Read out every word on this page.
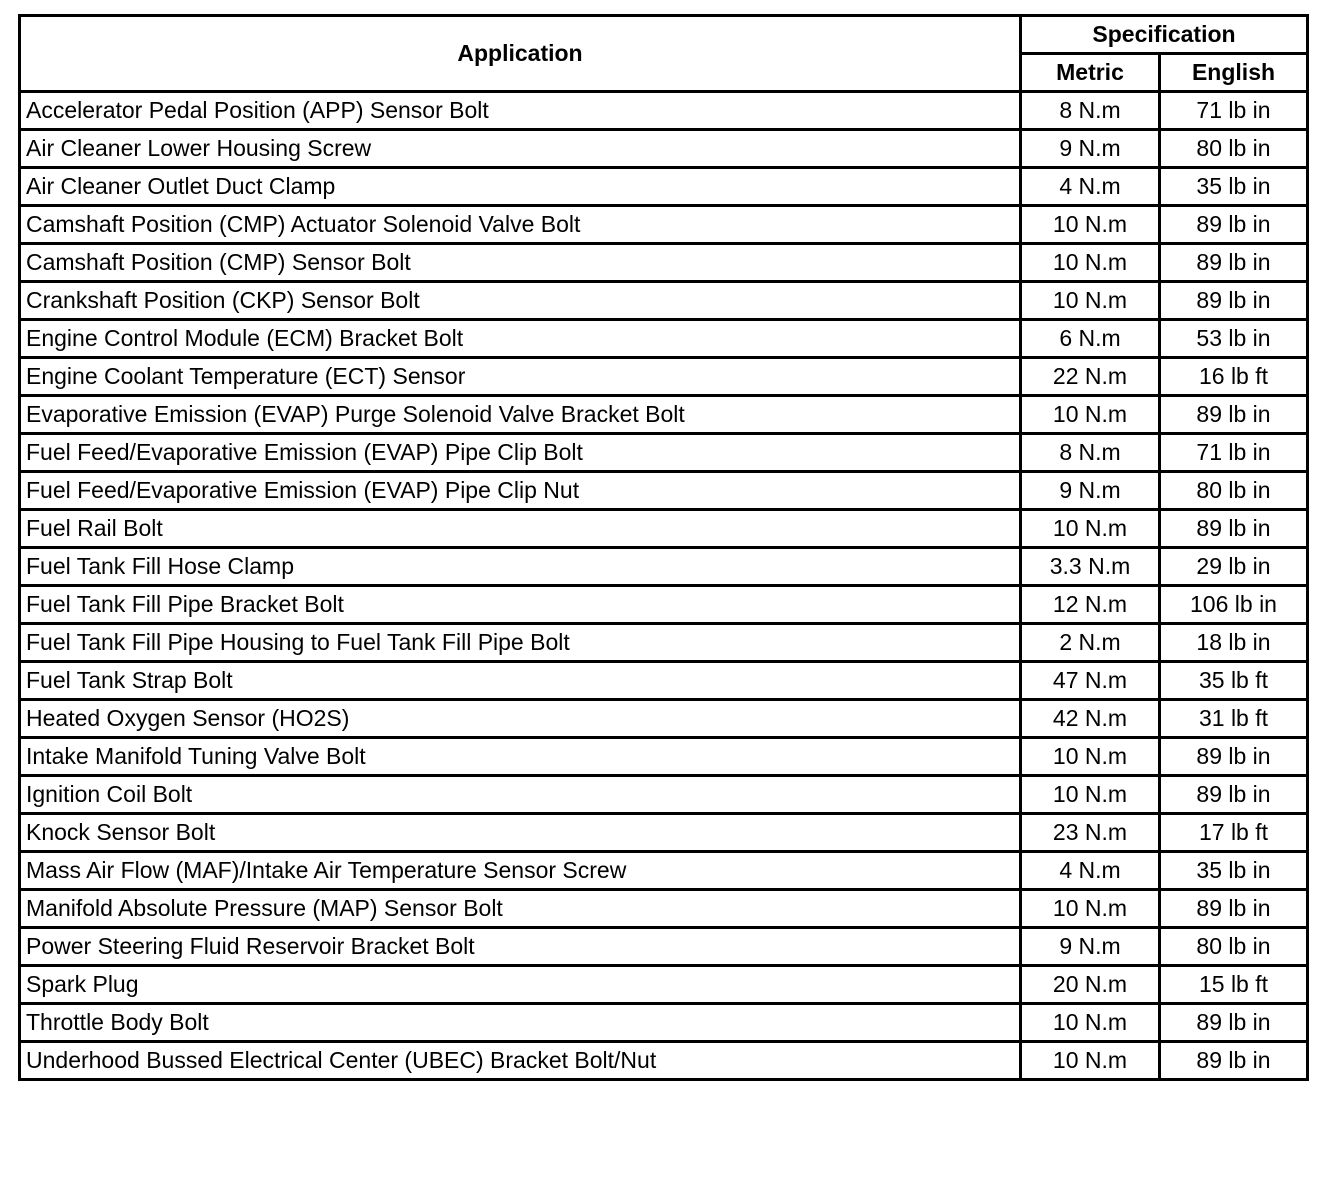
Application	Specification	
	Metric	English
Accelerator Pedal Position (APP) Sensor Bolt	8 N.m	71 lb in
Air Cleaner Lower Housing Screw	9 N.m	80 lb in
Air Cleaner Outlet Duct Clamp	4 N.m	35 lb in
Camshaft Position (CMP) Actuator Solenoid Valve Bolt	10 N.m	89 lb in
Camshaft Position (CMP) Sensor Bolt	10 N.m	89 lb in
Crankshaft Position (CKP) Sensor Bolt	10 N.m	89 lb in
Engine Control Module (ECM) Bracket Bolt	6 N.m	53 lb in
Engine Coolant Temperature (ECT) Sensor	22 N.m	16 lb ft
Evaporative Emission (EVAP) Purge Solenoid Valve Bracket Bolt	10 N.m	89 lb in
Fuel Feed/Evaporative Emission (EVAP) Pipe Clip Bolt	8 N.m	71 lb in
Fuel Feed/Evaporative Emission (EVAP) Pipe Clip Nut	9 N.m	80 lb in
Fuel Rail Bolt	10 N.m	89 lb in
Fuel Tank Fill Hose Clamp	3.3 N.m	29 lb in
Fuel Tank Fill Pipe Bracket Bolt	12 N.m	106 lb in
Fuel Tank Fill Pipe Housing to Fuel Tank Fill Pipe Bolt	2 N.m	18 lb in
Fuel Tank Strap Bolt	47 N.m	35 lb ft
Heated Oxygen Sensor (HO2S)	42 N.m	31 lb ft
Intake Manifold Tuning Valve Bolt	10 N.m	89 lb in
Ignition Coil Bolt	10 N.m	89 lb in
Knock Sensor Bolt	23 N.m	17 lb ft
Mass Air Flow (MAF)/Intake Air Temperature Sensor Screw	4 N.m	35 lb in
Manifold Absolute Pressure (MAP) Sensor Bolt	10 N.m	89 lb in
Power Steering Fluid Reservoir Bracket Bolt	9 N.m	80 lb in
Spark Plug	20 N.m	15 lb ft
Throttle Body Bolt	10 N.m	89 lb in
Underhood Bussed Electrical Center (UBEC) Bracket Bolt/Nut	10 N.m	89 lb in
